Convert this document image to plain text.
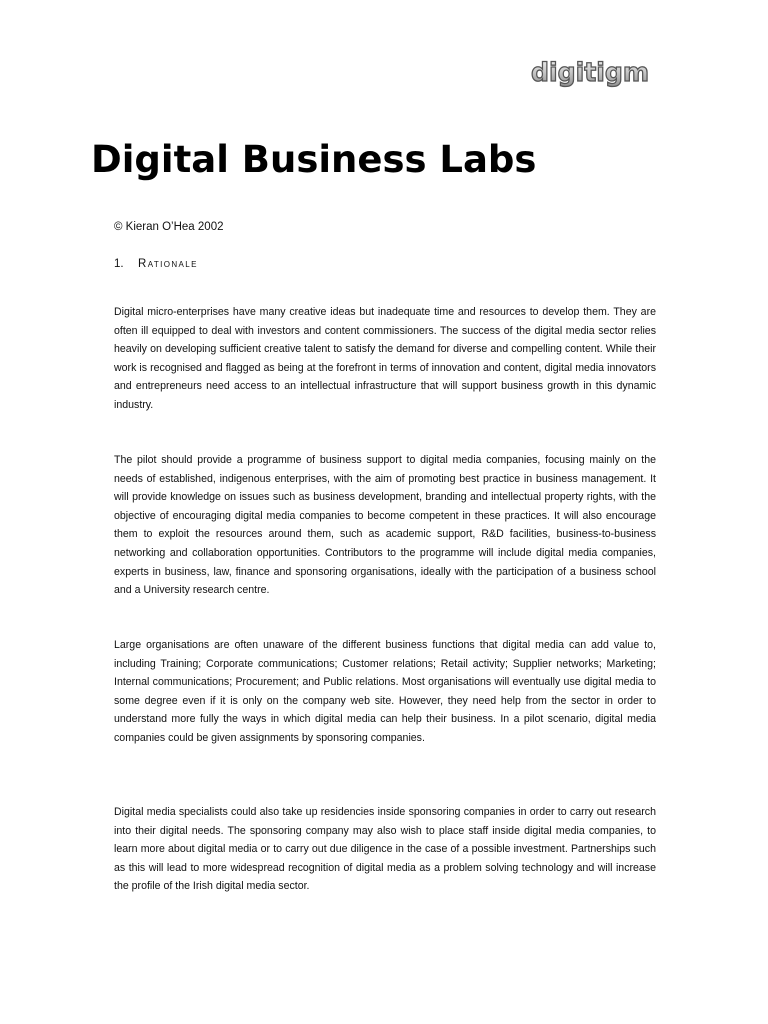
digitigm
Digital Business Labs
© Kieran O’Hea 2002
1. Rationale

Digital micro-enterprises have many creative ideas but inadequate time and resources to develop them. They are often ill equipped to deal with investors and content commissioners. The success of the digital media sector relies heavily on developing sufficient creative talent to satisfy the demand for diverse and compelling content. While their work is recognised and flagged as being at the forefront in terms of innovation and content, digital media innovators and entrepreneurs need access to an intellectual infrastructure that will support business growth in this dynamic industry.

The pilot should provide a programme of business support to digital media companies, focusing mainly on the needs of established, indigenous enterprises, with the aim of promoting best practice in business management. It will provide knowledge on issues such as business development, branding and intellectual property rights, with the objective of encouraging digital media companies to become competent in these practices. It will also encourage them to exploit the resources around them, such as academic support, R&D facilities, business-to-business networking and collaboration opportunities. Contributors to the programme will include digital media companies, experts in business, law, finance and sponsoring organisations, ideally with the participation of a business school and a University research centre.

Large organisations are often unaware of the different business functions that digital media can add value to, including Training; Corporate communications; Customer relations; Retail activity; Supplier networks; Marketing; Internal communications; Procurement; and Public relations. Most organisations will eventually use digital media to some degree even if it is only on the company web site. However, they need help from the sector in order to understand more fully the ways in which digital media can help their business. In a pilot scenario, digital media companies could be given assignments by sponsoring companies.

Digital media specialists could also take up residencies inside sponsoring companies in order to carry out research into their digital needs. The sponsoring company may also wish to place staff inside digital media companies, to learn more about digital media or to carry out due diligence in the case of a possible investment. Partnerships such as this will lead to more widespread recognition of digital media as a problem solving technology and will increase the profile of the Irish digital media sector.
